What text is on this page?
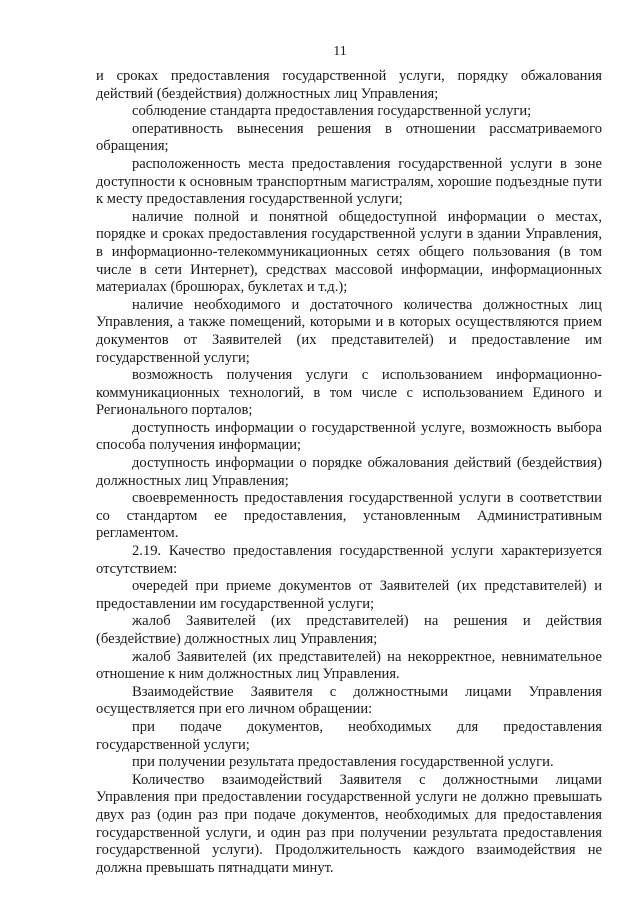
11

и сроках предоставления государственной услуги, порядку обжалования действий (бездействия) должностных лиц Управления;

соблюдение стандарта предоставления государственной услуги;

оперативность вынесения решения в отношении рассматриваемого обращения;

расположенность места предоставления государственной услуги в зоне доступности к основным транспортным магистралям, хорошие подъездные пути к месту предоставления государственной услуги;

наличие полной и понятной общедоступной информации о местах, порядке и сроках предоставления государственной услуги в здании Управления, в информационно-телекоммуникационных сетях общего пользования (в том числе в сети Интернет), средствах массовой информации, информационных материалах (брошюрах, буклетах и т.д.);

наличие необходимого и достаточного количества должностных лиц Управления, а также помещений, которыми и в которых осуществляются прием документов от Заявителей (их представителей) и предоставление им государственной услуги;

возможность получения услуги с использованием информационно-коммуникационных технологий, в том числе с использованием Единого и Регионального порталов;

доступность информации о государственной услуге, возможность выбора способа получения информации;

доступность информации о порядке обжалования действий (бездействия) должностных лиц Управления;

своевременность предоставления государственной услуги в соответствии со стандартом ее предоставления, установленным Административным регламентом.

2.19. Качество предоставления государственной услуги характеризуется отсутствием:

очередей при приеме документов от Заявителей (их представителей) и предоставлении им государственной услуги;

жалоб Заявителей (их представителей) на решения и действия (бездействие) должностных лиц Управления;

жалоб Заявителей (их представителей) на некорректное, невнимательное отношение к ним должностных лиц Управления.

Взаимодействие Заявителя с должностными лицами Управления осуществляется при его личном обращении:

при подаче документов, необходимых для предоставления государственной услуги;

при получении результата предоставления государственной услуги.

Количество взаимодействий Заявителя с должностными лицами Управления при предоставлении государственной услуги не должно превышать двух раз (один раз при подаче документов, необходимых для предоставления государственной услуги, и один раз при получении результата предоставления государственной услуги). Продолжительность каждого взаимодействия не должна превышать пятнадцати минут.
